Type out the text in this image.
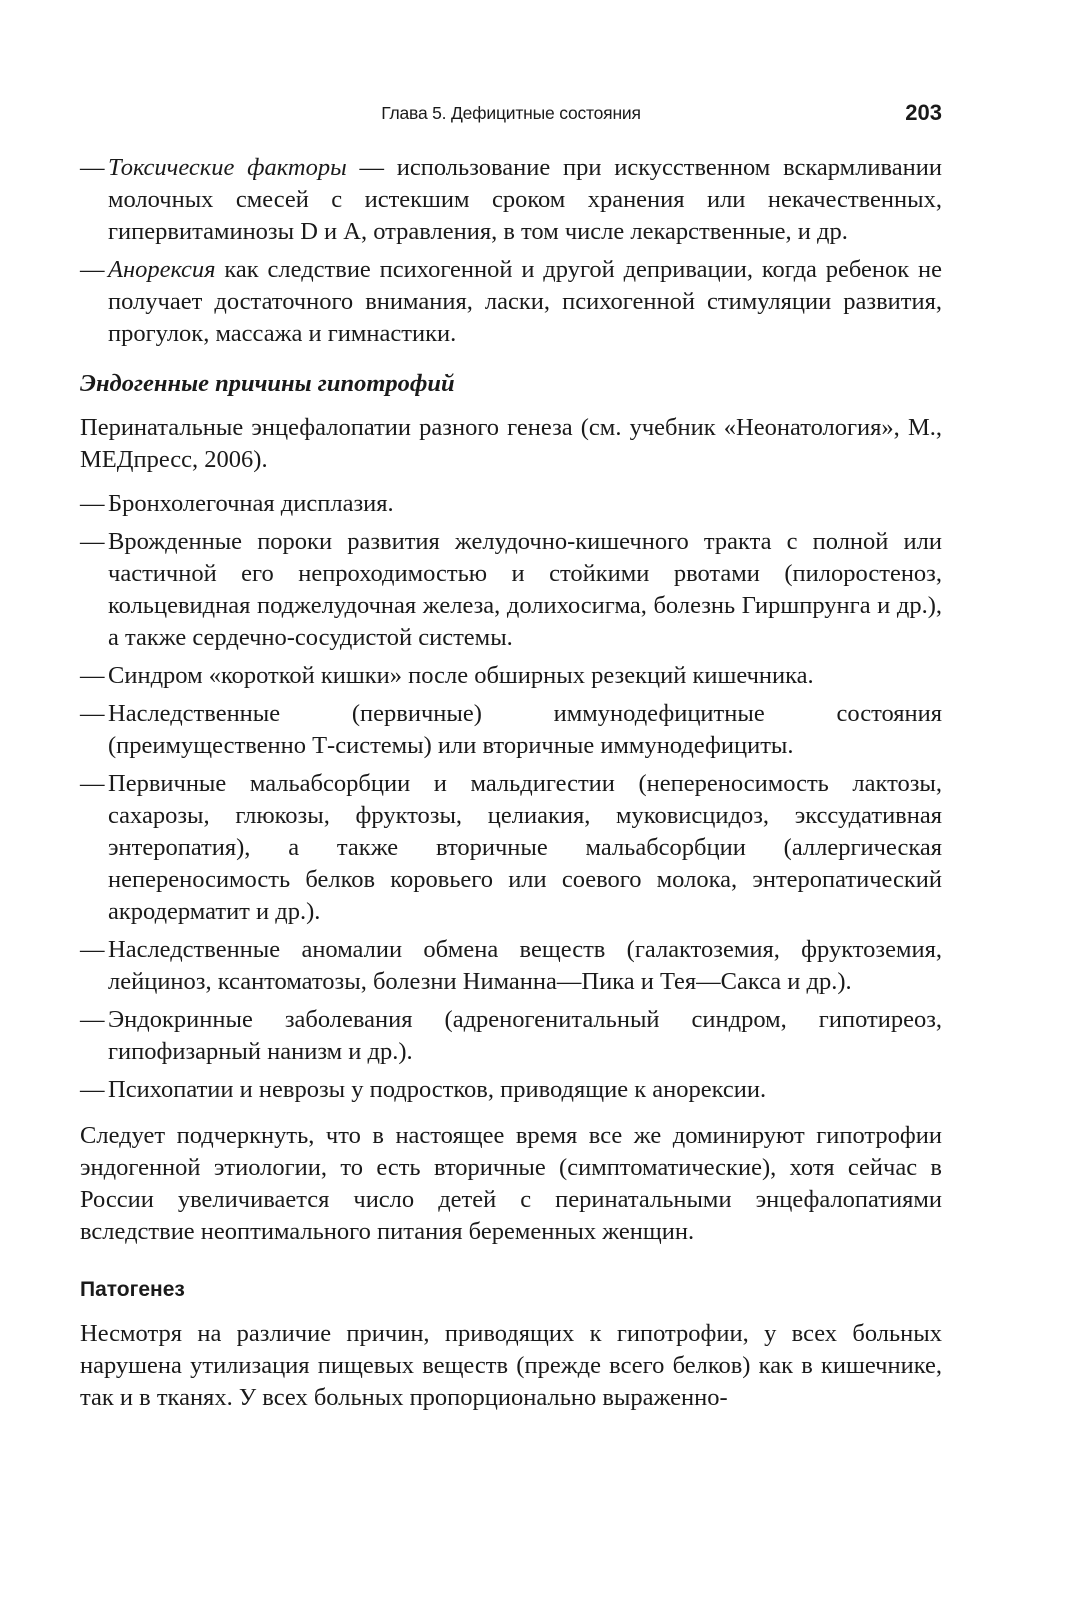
Глава 5. Дефицитные состояния	203

— Токсические факторы — использование при искусственном вскармливании молочных смесей с истекшим сроком хранения или некачественных, гипервитаминозы D и A, отравления, в том числе лекарственные, и др.

— Анорексия как следствие психогенной и другой депривации, когда ребенок не получает достаточного внимания, ласки, психогенной стимуляции развития, прогулок, массажа и гимнастики.

Эндогенные причины гипотрофий

Перинатальные энцефалопатии разного генеза (см. учебник «Неонатология», М., МЕДпресс, 2006).

— Бронхолегочная дисплазия.

— Врожденные пороки развития желудочно-кишечного тракта с полной или частичной его непроходимостью и стойкими рвотами (пилоростеноз, кольцевидная поджелудочная железа, долихосигма, болезнь Гиршпрунга и др.), а также сердечно-сосудистой системы.

— Синдром «короткой кишки» после обширных резекций кишечника.

— Наследственные (первичные) иммунодефицитные состояния (преимущественно Т-системы) или вторичные иммунодефициты.

— Первичные мальабсорбции и мальдигестии (непереносимость лактозы, сахарозы, глюкозы, фруктозы, целиакия, муковисцидоз, экссудативная энтеропатия), а также вторичные мальабсорбции (аллергическая непереносимость белков коровьего или соевого молока, энтеропатический акродерматит и др.).

— Наследственные аномалии обмена веществ (галактоземия, фруктоземия, лейциноз, ксантоматозы, болезни Ниманна—Пика и Тея—Сакса и др.).

— Эндокринные заболевания (адреногенитальный синдром, гипотиреоз, гипофизарный нанизм и др.).

— Психопатии и неврозы у подростков, приводящие к анорексии.

Следует подчеркнуть, что в настоящее время все же доминируют гипотрофии эндогенной этиологии, то есть вторичные (симптоматические), хотя сейчас в России увеличивается число детей с перинатальными энцефалопатиями вследствие неоптимального питания беременных женщин.

Патогенез

Несмотря на различие причин, приводящих к гипотрофии, у всех больных нарушена утилизация пищевых веществ (прежде всего белков) как в кишечнике, так и в тканях. У всех больных пропорционально выраженно-
